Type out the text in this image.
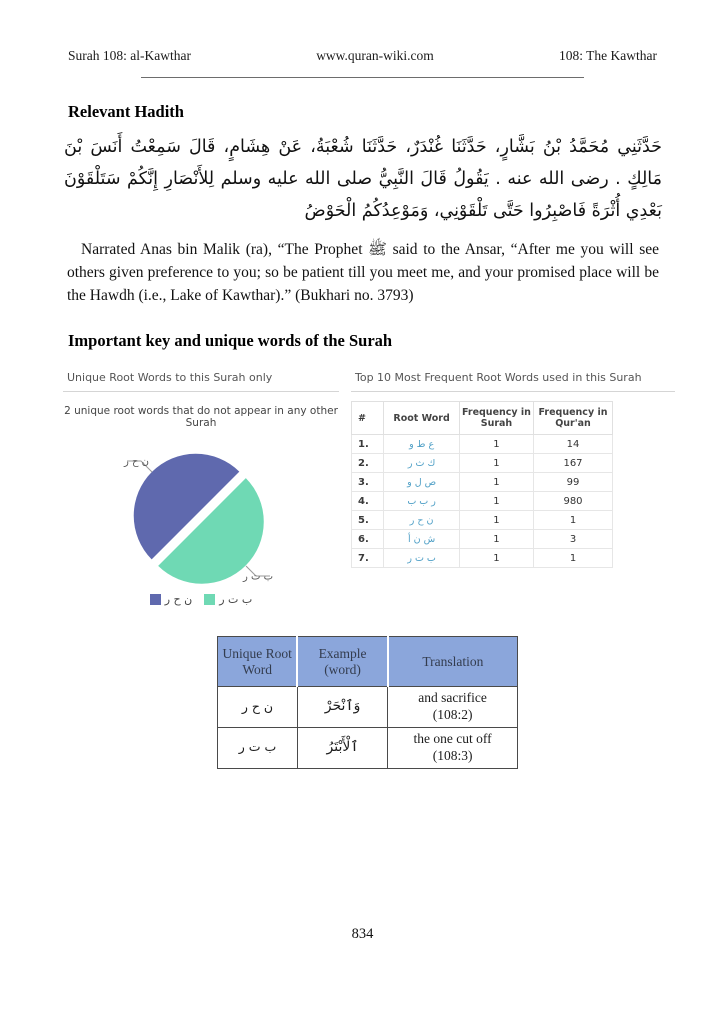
Surah 108: al-Kawthar	www.quran-wiki.com	108: The Kawthar
Relevant Hadith

حَدَّثَنِي مُحَمَّدُ بْنُ بَشَّارٍ، حَدَّثَنَا غُنْدَرٌ، حَدَّثَنَا شُعْبَةُ، عَنْ هِشَامٍ، قَالَ سَمِعْتُ أَنَسَ بْنَ مَالِكٍ . رضى الله عنه . يَقُولُ قَالَ النَّبِيُّ صلى الله عليه وسلم لِلأَنْصَارِ إِنَّكُمْ سَتَلْقَوْنَ بَعْدِي أُثْرَةً فَاصْبِرُوا حَتَّى تَلْقَوْنِي، وَمَوْعِدُكُمُ الْحَوْضُ

Narrated Anas bin Malik (ra), “The Prophet ﷺ said to the Ansar, “After me you will see others given preference to you; so be patient till you meet me, and your promised place will be the Hawdh (i.e., Lake of Kawthar).” (Bukhari no. 3793)

Important key and unique words of the Surah
Unique Root Words to this Surah only
2 unique root words that do not appear in any other Surah
ن ح ر
ب ت ر
ن ح ر ب ت ر
Top 10 Most Frequent Root Words used in this Surah
#	Root Word	Frequency in Surah	Frequency in Qur'an
1.	ع ط و	1	14
2.	ك ث ر	1	167
3.	ص ل و	1	99
4.	ر ب ب	1	980
5.	ن ح ر	1	1
6.	ش ن أ	1	3
7.	ب ت ر	1	1
Unique Root Word	Example (word)	Translation
ن ح ر	وَٱنْحَرْ	and sacrifice
(108:2)

ب ت ر	ٱلْأَبْتَرُ	the one cut off
(108:3)
834
